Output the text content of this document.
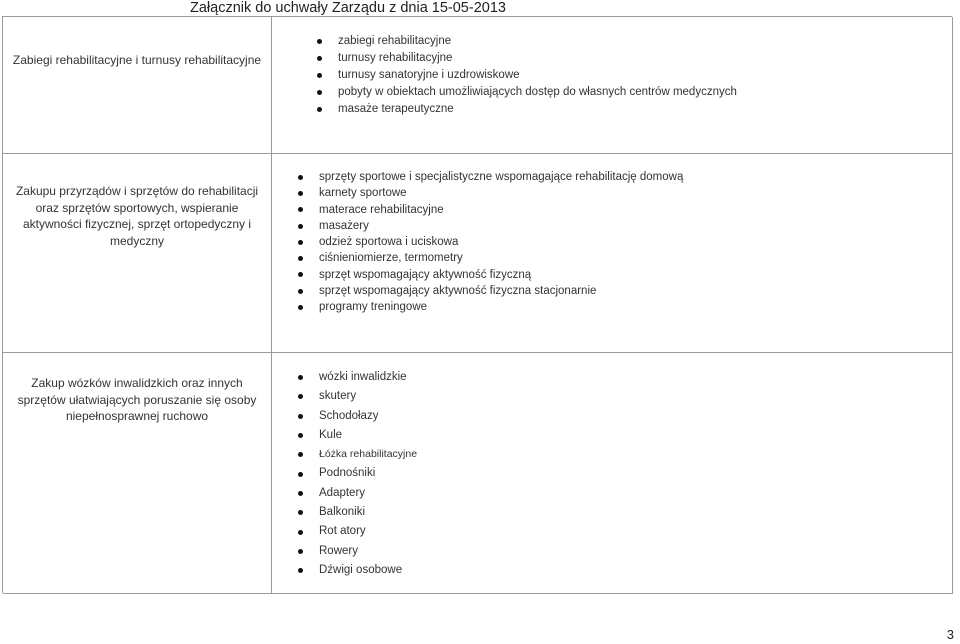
Załącznik do uchwały Zarządu z dnia 15-05-2013
Zabiegi rehabilitacyjne i turnusy rehabilitacyjne
zabiegi rehabilitacyjne
turnusy rehabilitacyjne
turnusy sanatoryjne i uzdrowiskowe
pobyty w obiektach umożliwiających dostęp do własnych centrów medycznych
masaże terapeutyczne
Zakupu przyrządów i sprzętów do rehabilitacji oraz sprzętów sportowych, wspieranie aktywności fizycznej, sprzęt ortopedyczny i medyczny
sprzęty sportowe i specjalistyczne wspomagające rehabilitację domową
karnety sportowe
materace rehabilitacyjne
masażery
odzież sportowa i uciskowa
ciśnieniomierze, termometry
sprzęt wspomagający aktywność fizyczną
sprzęt wspomagający aktywność fizyczna stacjonarnie
programy treningowe
Zakup wózków inwalidzkich oraz innych sprzętów ułatwiających poruszanie się osoby niepełnosprawnej ruchowo
wózki inwalidzkie
skutery
Schodołazy
Kule
Łóżka rehabilitacyjne
Podnośniki
Adaptery
Balkoniki
Rot atory
Rowery
Dźwigi osobowe
3
